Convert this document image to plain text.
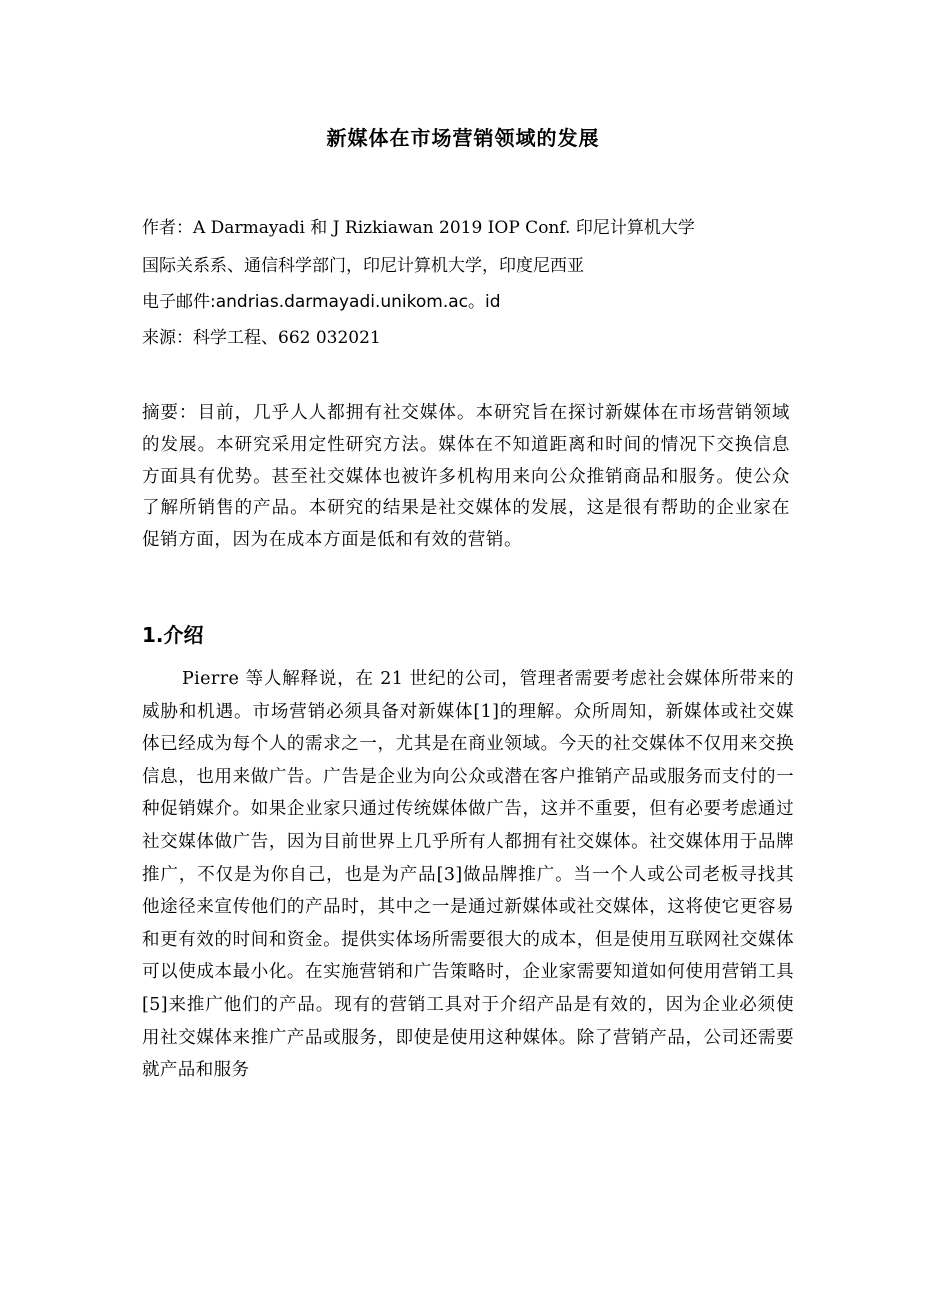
新媒体在市场营销领域的发展

作者：A Darmayadi 和 J Rizkiawan 2019 IOP Conf. 印尼计算机大学

国际关系系、通信科学部门，印尼计算机大学，印度尼西亚

电子邮件:andrias.darmayadi.unikom.ac。id

来源：科学工程、662 032021

摘要：目前，几乎人人都拥有社交媒体。本研究旨在探讨新媒体在市场营销领域的发展。本研究采用定性研究方法。媒体在不知道距离和时间的情况下交换信息方面具有优势。甚至社交媒体也被许多机构用来向公众推销商品和服务。使公众了解所销售的产品。本研究的结果是社交媒体的发展，这是很有帮助的企业家在促销方面，因为在成本方面是低和有效的营销。

1.介绍

Pierre 等人解释说，在 21 世纪的公司，管理者需要考虑社会媒体所带来的威胁和机遇。市场营销必须具备对新媒体[1]的理解。众所周知，新媒体或社交媒体已经成为每个人的需求之一，尤其是在商业领域。今天的社交媒体不仅用来交换信息，也用来做广告。广告是企业为向公众或潜在客户推销产品或服务而支付的一种促销媒介。如果企业家只通过传统媒体做广告，这并不重要，但有必要考虑通过社交媒体做广告，因为目前世界上几乎所有人都拥有社交媒体。社交媒体用于品牌推广，不仅是为你自己，也是为产品[3]做品牌推广。当一个人或公司老板寻找其他途径来宣传他们的产品时，其中之一是通过新媒体或社交媒体，这将使它更容易和更有效的时间和资金。提供实体场所需要很大的成本，但是使用互联网社交媒体可以使成本最小化。在实施营销和广告策略时，企业家需要知道如何使用营销工具[5]来推广他们的产品。现有的营销工具对于介绍产品是有效的，因为企业必须使用社交媒体来推广产品或服务，即使是使用这种媒体。除了营销产品，公司还需要就产品和服务
